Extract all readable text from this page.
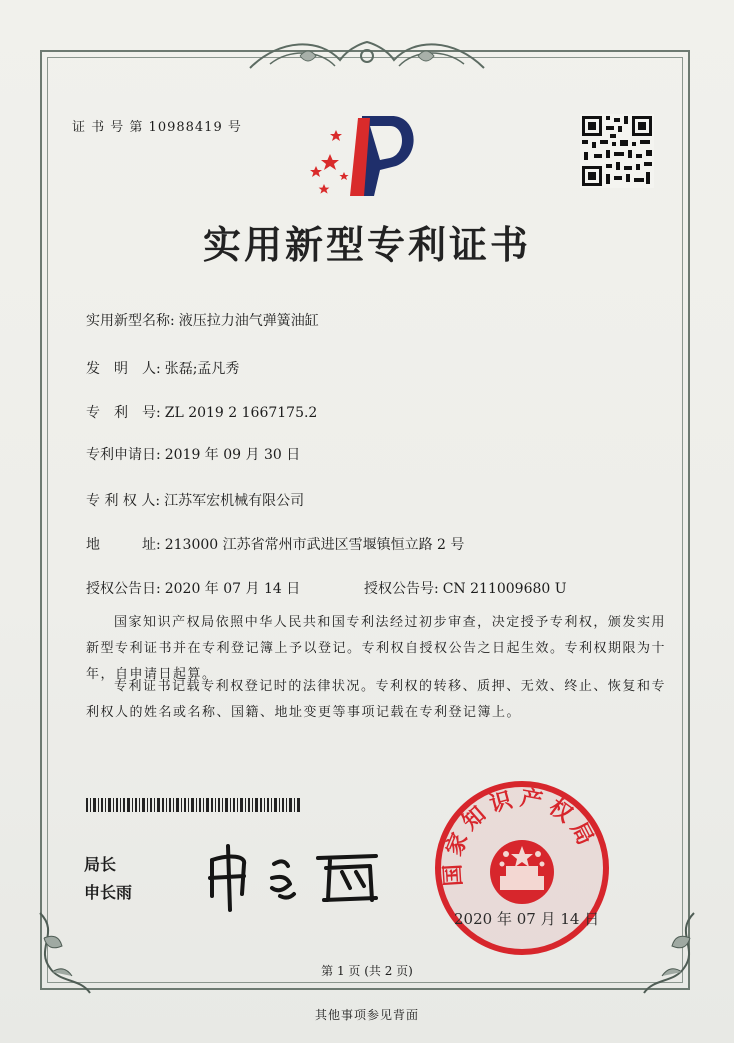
证 书 号 第 10988419 号
实用新型专利证书
实用新型名称: 液压拉力油气弹簧油缸
发　明　人: 张磊;孟凡秀
专　利　号: ZL 2019 2 1667175.2
专利申请日: 2019 年 09 月 30 日
专 利 权 人: 江苏军宏机械有限公司
地　　　址: 213000 江苏省常州市武进区雪堰镇恒立路 2 号
授权公告日: 2020 年 07 月 14 日	授权公告号: CN 211009680 U
国家知识产权局依照中华人民共和国专利法经过初步审查，决定授予专利权，颁发实用新型专利证书并在专利登记簿上予以登记。专利权自授权公告之日起生效。专利权期限为十年，自申请日起算。
专利证书记载专利权登记时的法律状况。专利权的转移、质押、无效、终止、恢复和专利权人的姓名或名称、国籍、地址变更等事项记载在专利登记簿上。
局长
申长雨
国家知识产权局
2020 年 07 月 14 日
第 1 页 (共 2 页)
其他事项参见背面
